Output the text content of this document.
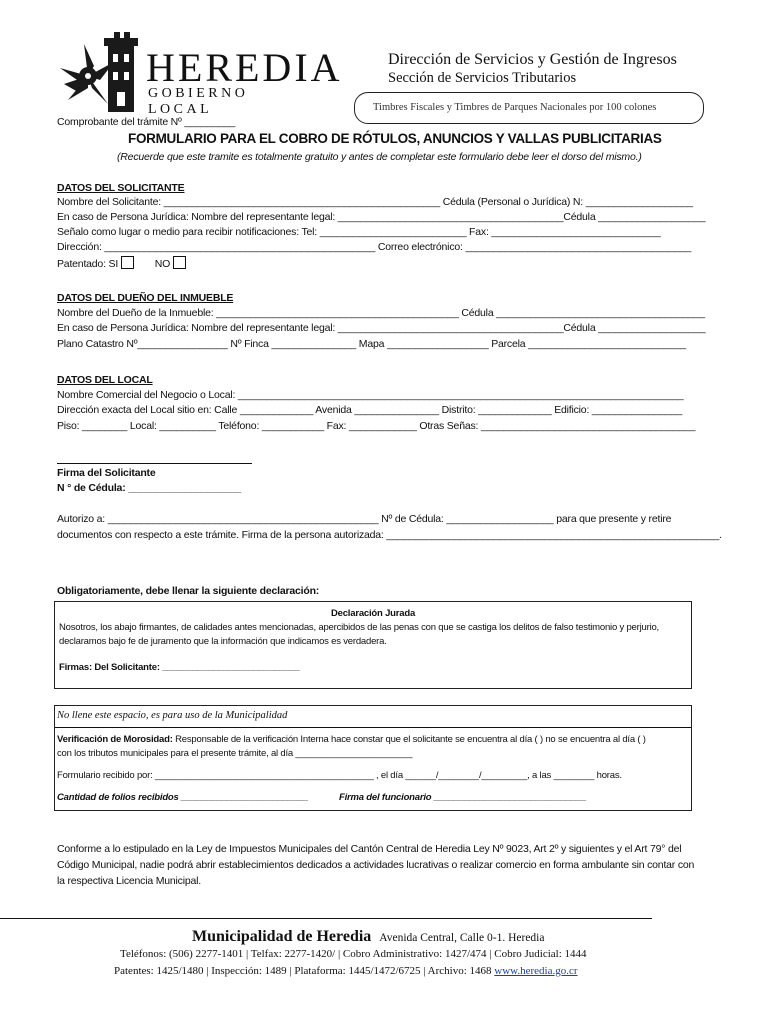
HEREDIA
GOBIERNO LOCAL
Dirección de Servicios y Gestión de Ingresos
Sección de Servicios Tributarios
Timbres Fiscales y Timbres de Parques Nacionales por 100 colones
Comprobante del trámite Nº _________
FORMULARIO PARA EL COBRO DE RÓTULOS, ANUNCIOS Y VALLAS PUBLICITARIAS
(Recuerde que este tramite es totalmente gratuito y antes de completar este formulario debe leer el dorso del mismo.)
DATOS DEL SOLICITANTE
Nombre del Solicitante: _________________________________________________ Cédula (Personal o Jurídica) N: ___________________
En caso de Persona Jurídica: Nombre del representante legal: ________________________________________Cédula ___________________
Señalo como lugar o medio para recibir notificaciones: Tel: __________________________ Fax: ______________________________
Dirección: ________________________________________________ Correo electrónico: ________________________________________
Patentado: SI	NO
DATOS DEL DUEÑO DEL INMUEBLE
Nombre del Dueño de la Inmueble: ___________________________________________ Cédula _____________________________________
En caso de Persona Jurídica: Nombre del representante legal: ________________________________________Cédula ___________________
Plano Catastro Nº________________ Nº Finca _______________ Mapa __________________ Parcela ____________________________
DATOS DEL LOCAL
Nombre Comercial del Negocio o Local: _______________________________________________________________________________
Dirección exacta del Local sitio en: Calle _____________ Avenida _______________ Distrito: _____________ Edificio: ________________
Piso: ________ Local: __________ Teléfono: ___________ Fax: ____________ Otras Señas: ______________________________________
Firma del Solicitante
N ° de Cédula: ____________________
Autorizo a: ________________________________________________ Nº de Cédula: ___________________ para que presente y retire
documentos con respecto a este trámite. Firma de la persona autorizada: ___________________________________________________________.
Obligatoriamente, debe llenar la siguiente declaración:
Declaración Jurada
Nosotros, los abajo firmantes, de calidades antes mencionadas, apercibidos de las penas con que se castiga los delitos de falso testimonio y perjurio,
declaramos bajo fe de juramento que la información que indicamos es verdadera.
Firmas: Del Solicitante: ___________________________
No llene este espacio, es para uso de la Municipalidad
Verificación de Morosidad: Responsable de la verificación Interna hace constar que el solicitante se encuentra al día ( ) no se encuentra al día ( )
con los tributos municipales para el presente trámite, al día _______________________
Formulario recibido por: ___________________________________________ , el día ______/________/_________, a las ________ horas.
Cantidad de folios recibidos _________________________	Firma del funcionario ______________________________
Conforme a lo estipulado en la Ley de Impuestos Municipales del Cantón Central de Heredia Ley Nº 9023, Art 2º y siguientes y el Art 79° del
Código Municipal, nadie podrá abrir establecimientos dedicados a actividades lucrativas o realizar comercio en forma ambulante sin contar con
la respectiva Licencia Municipal.
Municipalidad de Heredia Avenida Central, Calle 0-1. Heredia
Teléfonos: (506) 2277-1401 | Telfax: 2277-1420/ | Cobro Administrativo: 1427/474 | Cobro Judicial: 1444
Patentes: 1425/1480 | Inspección: 1489 | Plataforma: 1445/1472/6725 | Archivo: 1468 www.heredia.go.cr
